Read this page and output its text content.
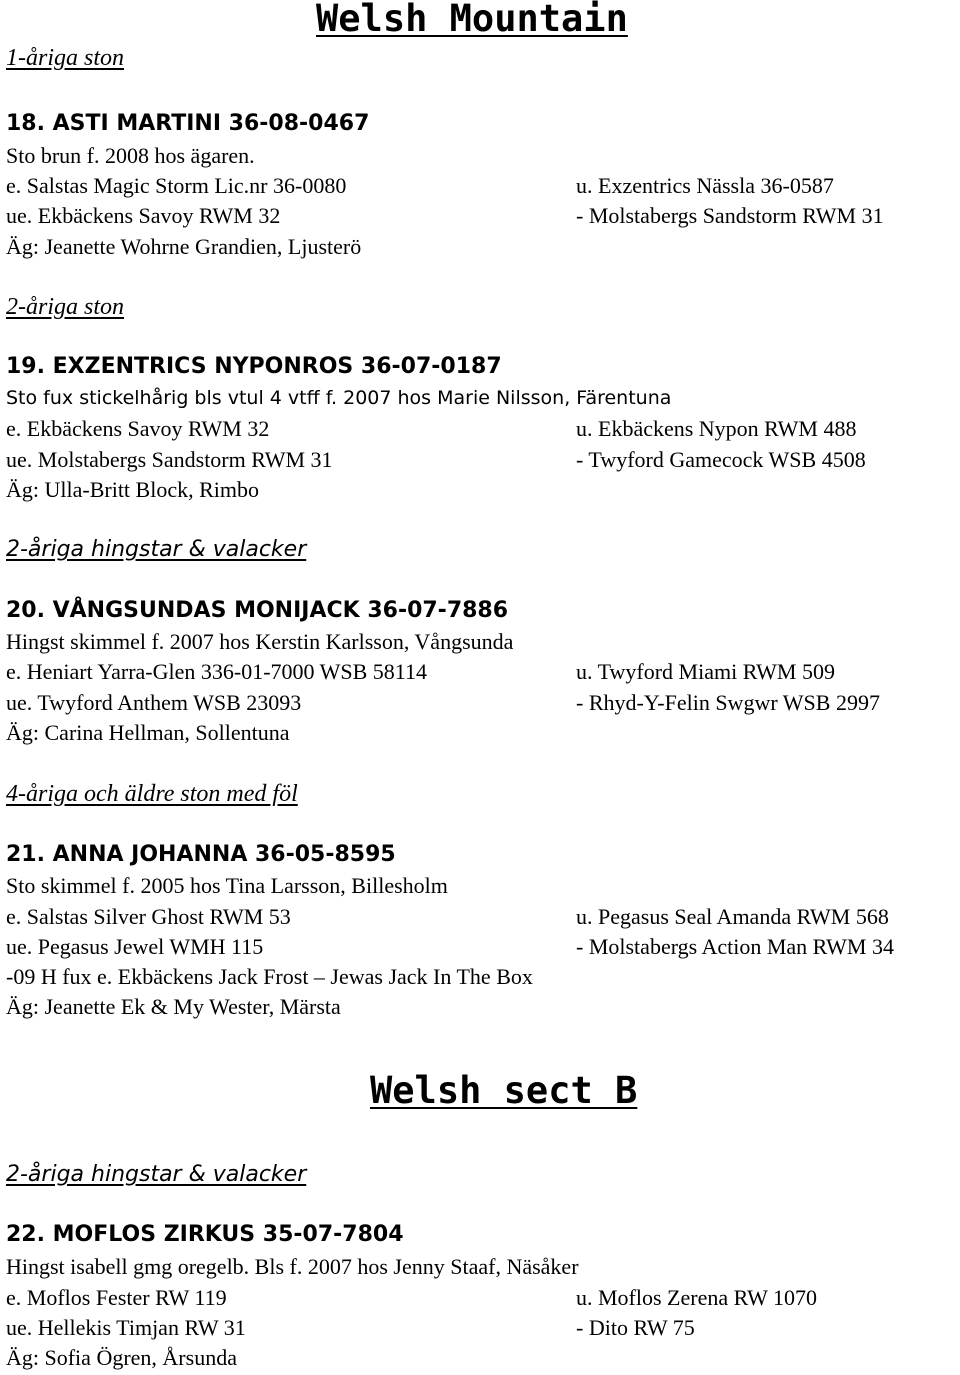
Welsh Mountain
1-åriga ston
18. ASTI MARTINI 36-08-0467
Sto brun f. 2008 hos ägaren.
e. Salstas Magic Storm Lic.nr 36-0080	u. Exzentrics Nässla 36-0587
ue. Ekbäckens Savoy RWM 32	- Molstabergs Sandstorm RWM 31
Äg: Jeanette Wohrne Grandien, Ljusterö
2-åriga ston
19. EXZENTRICS NYPONROS 36-07-0187
Sto fux stickelhårig bls vtul 4 vtff f. 2007 hos Marie Nilsson, Färentuna
e. Ekbäckens Savoy RWM 32	u. Ekbäckens Nypon RWM 488
ue. Molstabergs Sandstorm RWM 31	- Twyford Gamecock WSB 4508
Äg: Ulla-Britt Block, Rimbo
2-åriga hingstar & valacker
20. VÅNGSUNDAS MONIJACK 36-07-7886
Hingst skimmel f. 2007 hos Kerstin Karlsson, Vångsunda
e. Heniart Yarra-Glen 336-01-7000 WSB 58114	u. Twyford Miami RWM 509
ue. Twyford Anthem WSB 23093	- Rhyd-Y-Felin Swgwr WSB 2997
Äg: Carina Hellman, Sollentuna
4-åriga och äldre ston med föl
21. ANNA JOHANNA 36-05-8595
Sto skimmel f. 2005 hos Tina Larsson, Billesholm
e. Salstas Silver Ghost RWM 53	u. Pegasus Seal Amanda RWM 568
ue. Pegasus Jewel WMH 115	- Molstabergs Action Man RWM 34
-09 H fux e. Ekbäckens Jack Frost – Jewas Jack In The Box
Äg: Jeanette Ek & My Wester, Märsta
Welsh sect B
2-åriga hingstar & valacker
22. MOFLOS ZIRKUS 35-07-7804
Hingst isabell gmg oregelb. Bls f. 2007 hos Jenny Staaf, Näsåker
e. Moflos Fester RW 119	u. Moflos Zerena RW 1070
ue. Hellekis Timjan RW 31	- Dito RW 75
Äg: Sofia Ögren, Årsunda
